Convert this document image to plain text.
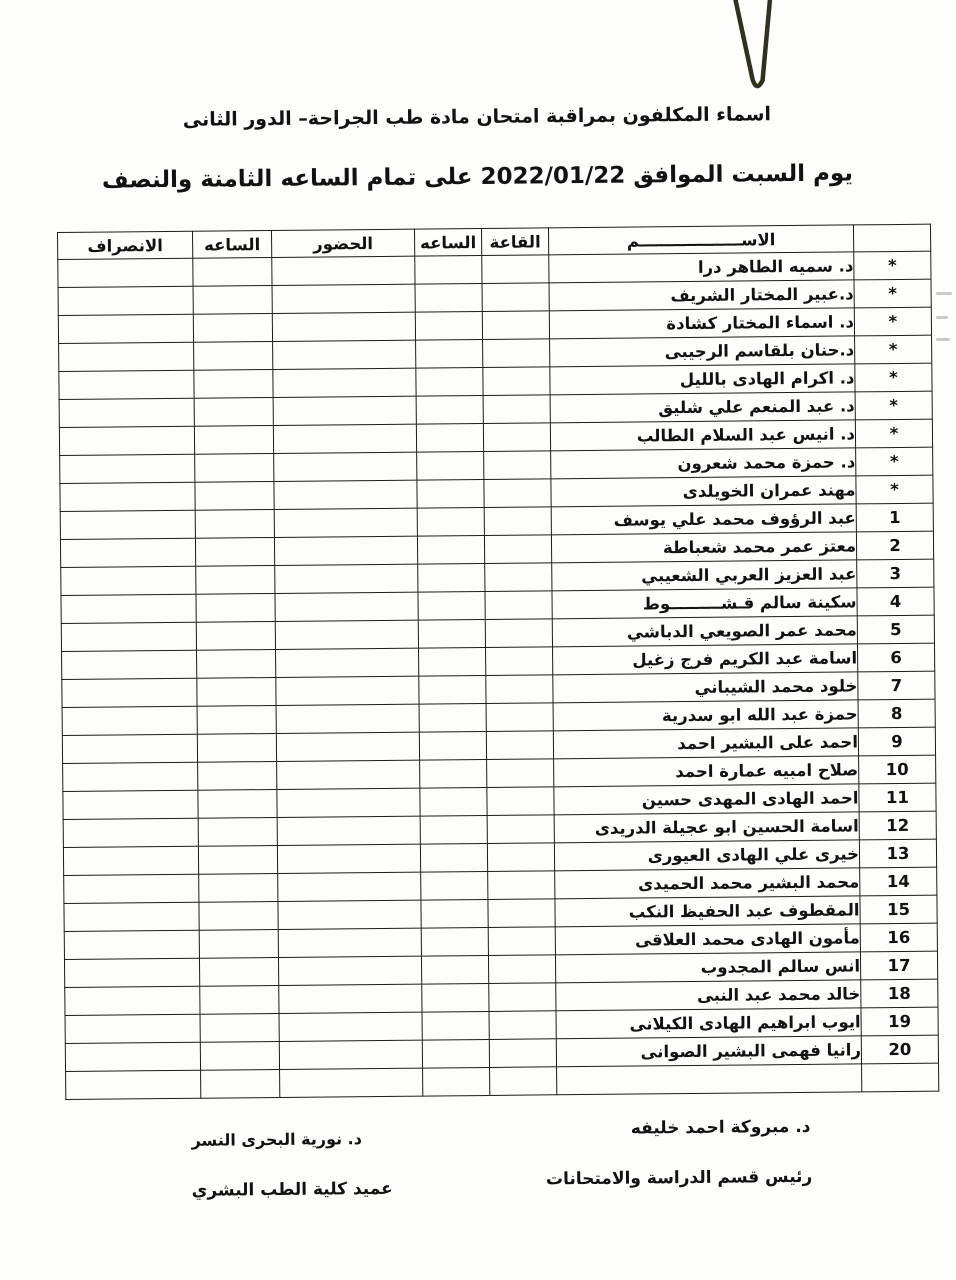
اسماء المكلفون بمراقبة امتحان مادة طب الجراحة– الدور الثانى
يوم السبت الموافق 2022/01/22 على تمام الساعه الثامنة والنصف
	الاســــــــــــــــــم	القاعة	الساعه	الحضور	الساعه	الانصراف
*	د. سميه الطاهر درا					
*	د.عبير المختار الشريف					
*	د. اسماء المختار كشادة					
*	د.حنان بلقاسم الرجيبى					
*	د. اكرام الهادى بالليل					
*	د. عبد المنعم علي شليق					
*	د. انيس عبد السلام الطالب					
*	د. حمزة محمد شعرون					
*	مهند عمران الخويلدى					
1	عبد الرؤوف محمد علي يوسف					
2	معتز عمر محمد شعباطة					
3	عبد العزيز العربي الشعيبي					
4	سكينة سالم قـشـــــــــوط					
5	محمد عمر الصويعي الدباشي					
6	اسامة عبد الكريم فرج زغيل					
7	خلود محمد الشيباني					
8	حمزة عبد الله ابو سدرية					
9	احمد على البشير احمد					
10	صلاح امبيه عمارة احمد					
11	احمد الهادى المهدى حسين					
12	اسامة الحسين ابو عجيلة الدريدى					
13	خيرى علي الهادى العيورى					
14	محمد البشير محمد الحميدى					
15	المقطوف عبد الحفيظ النكب					
16	مأمون الهادى محمد العلاقى					
17	انس سالم المجدوب					
18	خالد محمد عبد النبى					
19	ايوب ابراهيم الهادى الكيلانى					
20	رانيا فهمى البشير الصوانى					

د. مبروكة احمد خليفه
رئيس قسم الدراسة والامتحانات
د. نورية البحرى النسر
عميد كلية الطب البشري
